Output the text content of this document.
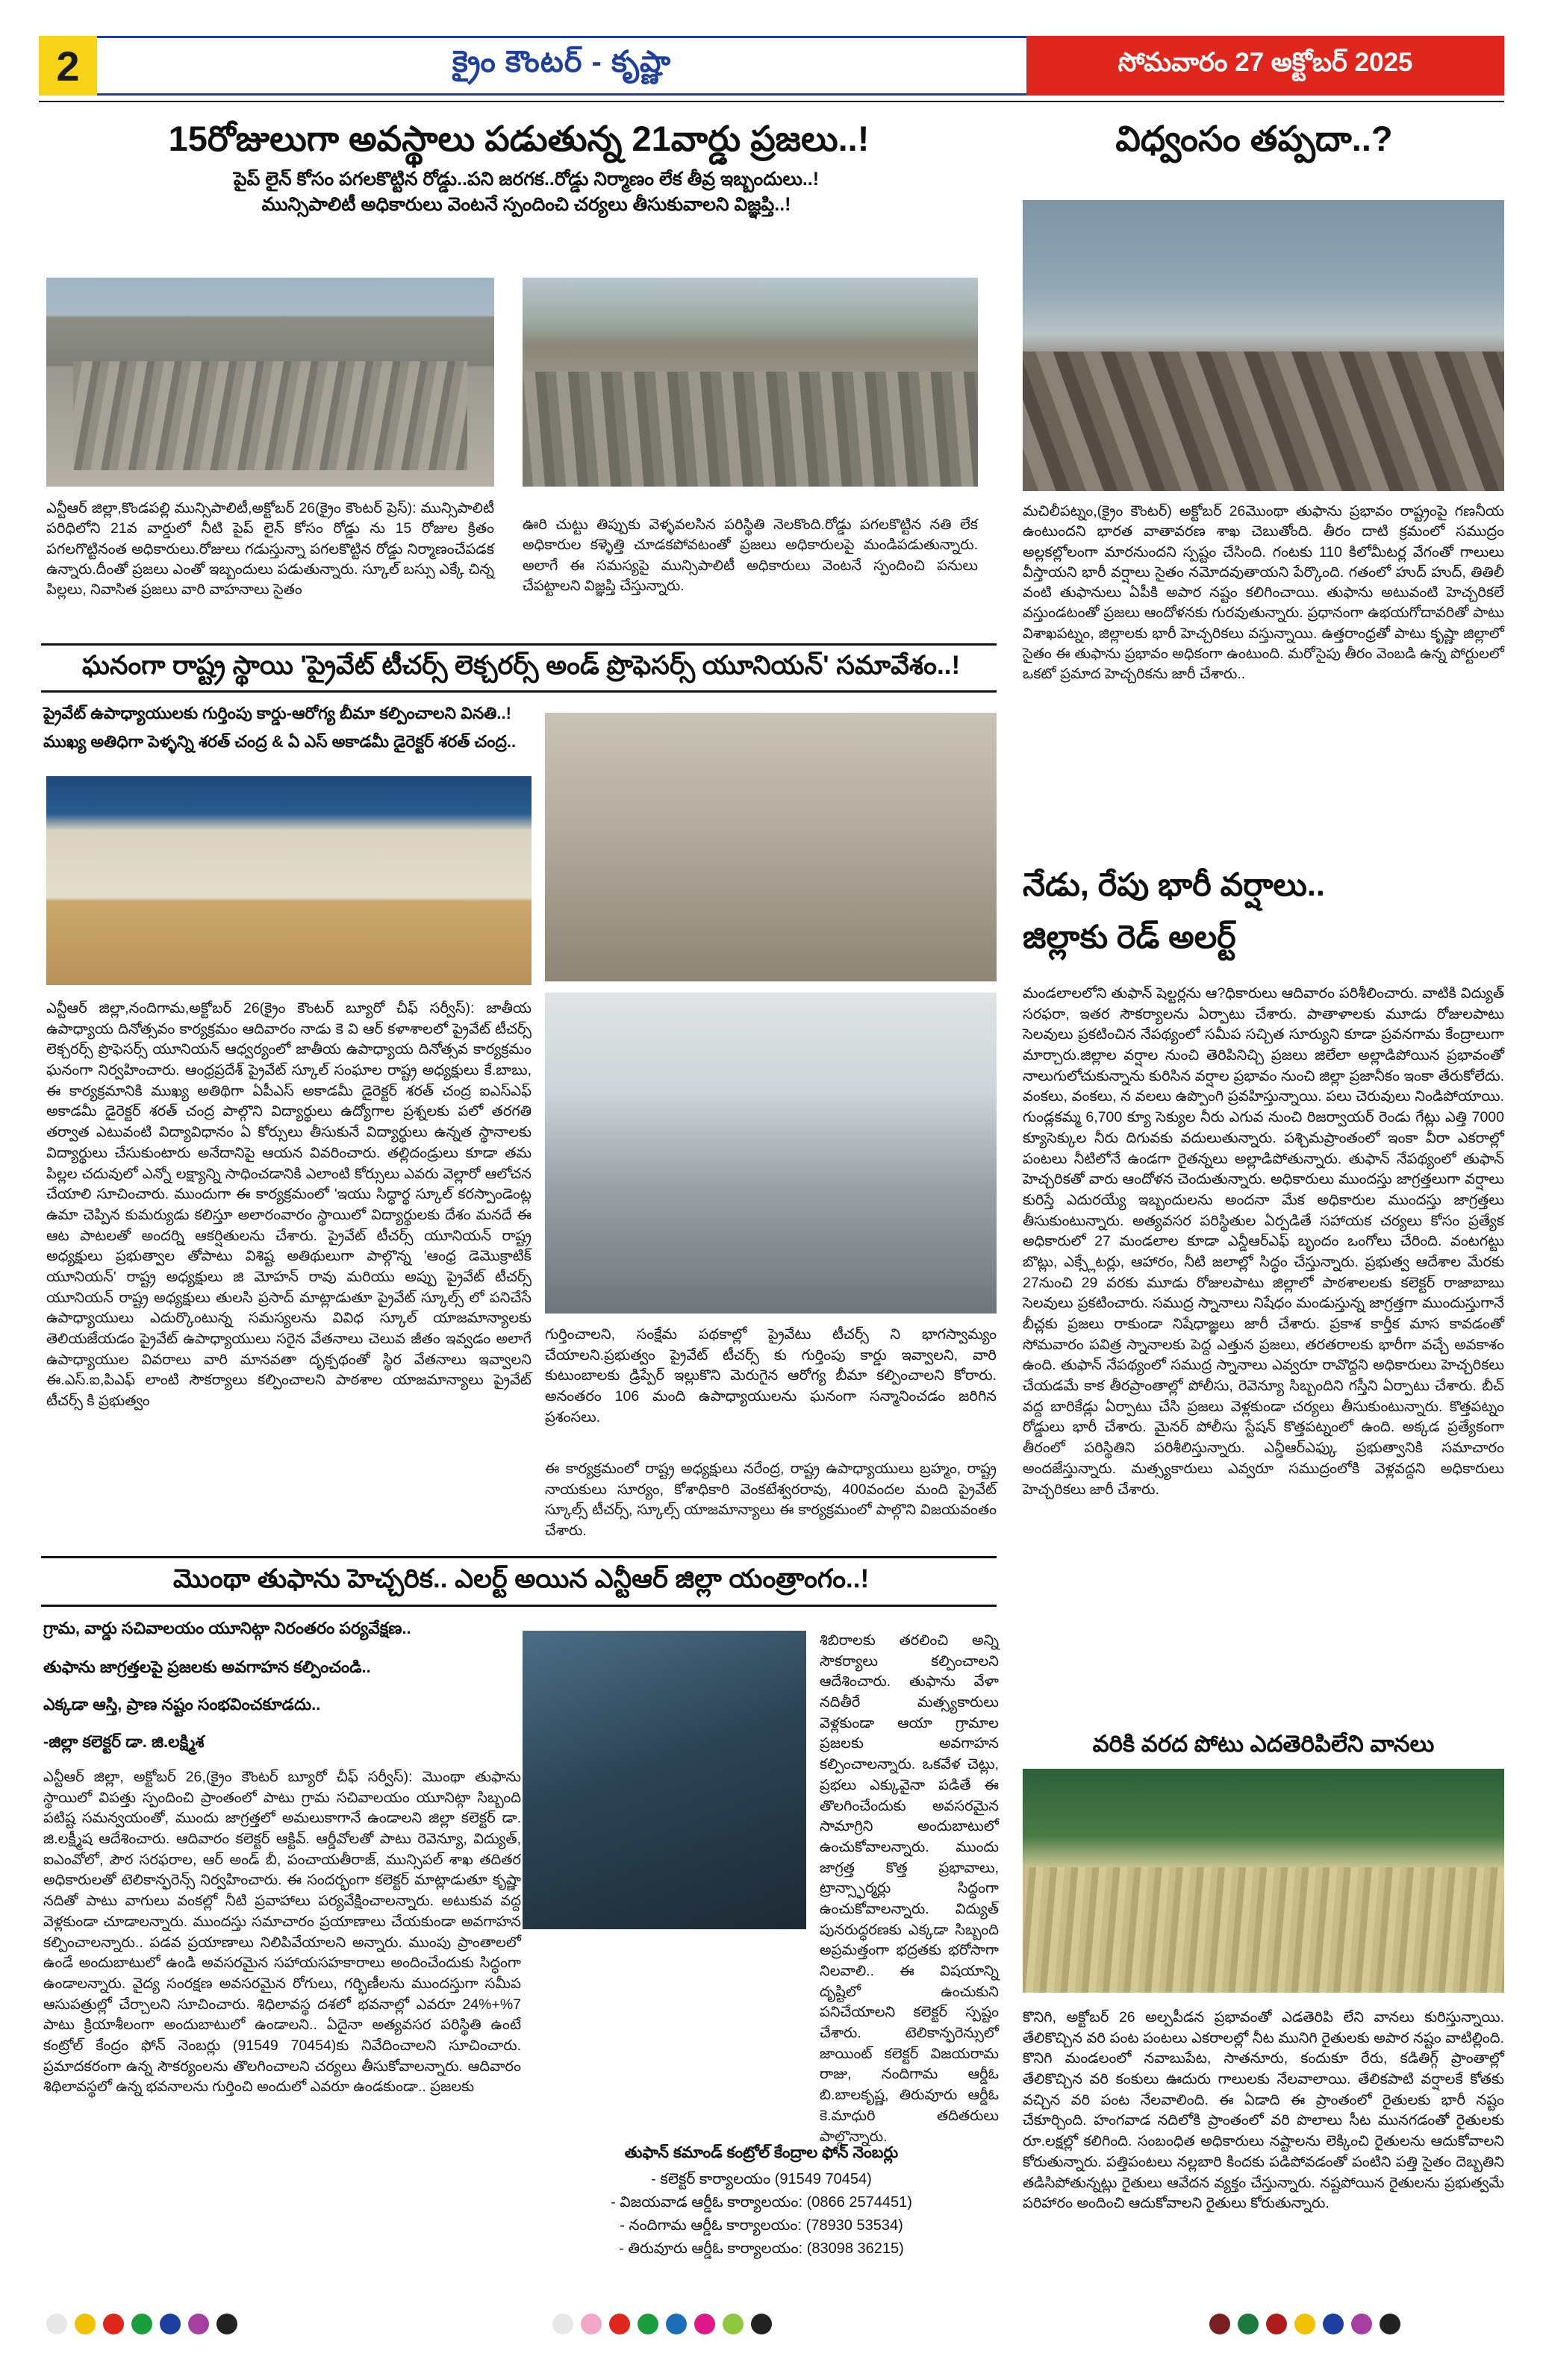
2	క్రైం కౌంటర్ - కృష్ణా	సోమవారం 27 అక్టోబర్ 2025
15రోజులుగా అవస్థాలు పడుతున్న 21వార్డు ప్రజలు..!	విధ్వంసం తప్పదా..?
పైప్ లైన్ కోసం పగలకొట్టిన రోడ్డు..పని జరగక..రోడ్డు నిర్మాణం లేక తీవ్ర ఇబ్బందులు..!
మున్సిపాలిటీ అధికారులు వెంటనే స్పందించి చర్యలు తీసుకువాలని విజ్ఞప్తి..!
ఎన్టీఆర్ జిల్లా,కొండపల్లి మున్సిపాలిటీ,అక్టోబర్ 26(క్రైం కౌంటర్ ప్రెస్): మున్సిపాలిటీ పరిధిలోని 21వ వార్డులో నీటి పైప్ లైన్ కోసం రోడ్డు ను 15 రోజుల క్రితం పగలగొట్టినంత అధికారులు.రోజులు గడుస్తున్నా పగలకొట్టిన రోడ్డు నిర్మాణంచేపడక ఉన్నారు.దీంతో ప్రజలు ఎంతో ఇబ్బందులు పడుతున్నారు. స్కూల్ బస్సు ఎక్కే చిన్న పిల్లలు, నివాసిత ప్రజలు వారి వాహనాలు సైతం
ఊరి చుట్టు తిప్పుకు వెళ్ళవలసిన పరిస్థితి నెలకొంది.రోడ్డు పగలకొట్టిన నతి లేక అధికారుల కళ్ళెత్తి చూడకపోవటంతో ప్రజలు అధికారులపై మండిపడుతున్నారు. అలాగే ఈ సమస్యపై మున్సిపాలిటీ అధికారులు వెంటనే స్పందించి పనులు చేపట్టాలని విజ్ఞప్తి చేస్తున్నారు.
మచిలీపట్నం,(క్రైం కౌంటర్) అక్టోబర్ 26మొంథా తుఫాను ప్రభావం రాష్ట్రంపై గణనీయ ఉంటుందని భారత వాతావరణ శాఖ చెబుతోంది. తీరం దాటి క్రమంలో సముద్రం అల్లకల్లోలంగా మారనుందని స్పష్టం చేసింది. గంటకు 110 కిలోమీటర్ల వేగంతో గాలులు వీస్తాయని భారీ వర్షాలు సైతం నమోదవుతాయని పేర్కొంది. గతంలో హుద్ హుద్, తితిలీ వంటి తుఫానులు ఏపీకి అపార నష్టం కలిగించాయి. తుఫాను అటువంటి హెచ్చరికలే వస్తుండటంతో ప్రజలు ఆందోళనకు గురవుతున్నారు. ప్రధానంగా ఉభయగోదావరితో పాటు విశాఖపట్నం, జిల్లాలకు భారీ హెచ్చరికలు వస్తున్నాయి. ఉత్తరాంధ్రతో పాటు కృష్ణా జిల్లాలో సైతం ఈ తుఫాను ప్రభావం అధికంగా ఉంటుంది. మరోసైపు తీరం వెంబడి ఉన్న పోర్టులలో ఒకటో ప్రమాద హెచ్చరికను జారీ చేశారు..
ఘనంగా రాష్ట్ర స్థాయి 'ప్రైవేట్ టీచర్స్ లెక్చరర్స్ అండ్ ప్రొఫెసర్స్ యూనియన్' సమావేశం..!
ప్రైవేట్ ఉపాధ్యాయులకు గుర్తింపు కార్డు-ఆరోగ్య బీమా కల్పించాలని వినతి..!
ముఖ్య అతిధిగా పెళ్ళన్ని శరత్ చంద్ర & ఏ ఎస్ అకాడమీ డైరెక్టర్ శరత్ చంద్ర..
ఎన్టీఆర్ జిల్లా,నందిగామ,అక్టోబర్ 26(క్రైం కౌంటర్ బ్యూరో చీఫ్ సర్వీస్): జాతీయ ఉపాధ్యాయ దినోత్సవం కార్యక్రమం ఆదివారం నాడు కె వి ఆర్ కళాశాలలో ప్రైవేట్ టీచర్స్ లెక్చరర్స్ ప్రొఫెసర్స్ యూనియన్ ఆధ్వర్యంలో జాతీయ ఉపాధ్యాయ దినోత్సవ కార్యక్రమం ఘనంగా నిర్వహించారు. ఆంధ్రప్రదేశ్ ప్రైవేట్ స్కూల్ సంఘాల రాష్ట్ర అధ్యక్షులు కే.బాబు, ఈ కార్యక్రమానికి ముఖ్య అతిథిగా ఏపీఎస్ అకాడమీ డైరెక్టర్ శరత్ చంద్ర ఐఎస్ఎఫ్ అకాడమీ డైరెక్టర్ శరత్ చంద్ర పాల్గొని విద్యార్థులు ఉద్యోగాల ప్రశ్నలకు పలో తరగతి తర్వాత ఎటువంటి విద్యావిధానం ఏ కోర్సులు తీసుకునే విద్యార్థులు ఉన్నత స్థానాలకు విద్యార్థులు చేసుకుంటారు అనేదానిపై ఆయన వివరించారు. తల్లిదండ్రులు కూడా తమ పిల్లల చదువులో ఎన్నో లక్ష్యాన్ని సాధించడానికి ఎలాంటి కోర్సులు ఎవరు వెల్లారో ఆలోచన చేయాలి సూచించారు. ముందుగా ఈ కార్యక్రమంలో 'ఇయు సిద్ధార్థ స్కూల్ కరస్పాండెంట్ల ఉమా చెప్పిన కుమర్యుడు కలిస్తూ అలారంవారం స్థాయిలో విద్యార్థులకు దేశం మనదే ఈ ఆట పాటలతో అందర్ని ఆకర్షితులను చేశారు. ప్రైవేట్ టీచర్స్ యూనియన్ రాష్ట్ర అధ్యక్షులు ప్రభుత్వాల తోపాటు విశిష్ట అతిథులుగా పాల్గొన్న 'ఆంధ్ర డెమొక్రాటిక్ యూనియన్' రాష్ట్ర అధ్యక్షులు జి మోహన్ రావు మరియు అప్పు ప్రైవేట్ టీచర్స్ యూనియన్ రాష్ట్ర అధ్యక్షులు తులసి ప్రసాద్ మాట్లాడుతూ ప్రైవేట్ స్కూల్స్ లో పనిచేసే ఉపాధ్యాయులు ఎదుర్కొంటున్న సమస్యలను వివిధ స్కూల్ యాజమాన్యాలకు తెలియజేయడం ప్రైవేట్ ఉపాధ్యాయులు సరైన వేతనాలు చెలువ జీతం ఇవ్వడం అలాగే ఉపాధ్యాయుల వివరాలు వారి మానవతా దృక్పథంతో స్థిర వేతనాలు ఇవ్వాలని ఈ.ఎస్.ఐ,పిఎఫ్ లాంటి సౌకర్యాలు కల్పించాలని పాఠశాల యాజమాన్యాలు ప్రైవేట్ టీచర్స్ కి ప్రభుత్వం
గుర్తించాలని, సంక్షేమ పథకాల్లో ప్రైవేటు టీచర్స్ ని భాగస్వామ్యం చేయాలని.ప్రభుత్వం ప్రైవేట్ టీచర్స్ కు గుర్తింపు కార్డు ఇవ్వాలని, వారి కుటుంబాలకు డ్రిప్పేర్ ఇల్లుకొని మెరుగైన ఆరోగ్య బీమా కల్పించాలని కోరారు. అనంతరం 106 మంది ఉపాధ్యాయులను ఘనంగా సన్మానించడం జరిగిన ప్రశంసలు.
ఈ కార్యక్రమంలో రాష్ట్ర అధ్యక్షులు నరేంద్ర, రాష్ట్ర ఉపాధ్యాయులు బ్రహ్మం, రాష్ట్ర నాయకులు సూర్యం, కోశాధికారి వెంకటేశ్వరరావు, 400వందల మంది ప్రైవేట్ స్కూల్స్ టీచర్స్, స్కూల్స్ యాజమాన్యాలు ఈ కార్యక్రమంలో పాల్గొని విజయవంతం చేశారు.
నేడు, రేపు భారీ వర్షాలు..
జిల్లాకు రెడ్ అలర్ట్
మండలాలలోని తుఫాన్ షెల్టర్లను ఆ?ధికారులు ఆదివారం పరిశీలించారు. వాటికి విద్యుత్ సరఫరా, ఇతర సౌకర్యాలను ఏర్పాటు చేశారు. పాతాళాలకు మూడు రోజులపాటు సెలవులు ప్రకటించిన నేపథ్యంలో సమీప సచ్చిత సూర్యుని కూడా ప్రవనగామ కేంద్రాలుగా మార్చారు.జిల్లాల వర్షాల నుంచి తెరిపినిచ్చి ప్రజలు జిలేలా అల్లాడిపోయిన ప్రభావంతో నాలుగులోచుకున్నాను కురిసిన వర్షాల ప్రభావం నుంచి జిల్లా ప్రజానీకం ఇంకా తేరుకోలేదు. వంకలు, వంకలు, న వలలు ఉప్పొంగి ప్రవహిస్తున్నాయి. పలు చెరువులు నిండిపోయాయి. గుండ్లకమ్మ 6,700 క్యూ సెక్యుల నీరు ఎగువ నుంచి రిజర్వాయర్ రెండు గేట్లు ఎత్తి 7000 క్యూసెక్కుల నీరు దిగువకు వదులుతున్నారు. పశ్చిమప్రాంతంలో ఇంకా వీరా ఎకరాల్లో పంటలు నీటిలోనే ఉండగా రైతన్నలు అల్లాడిపోతున్నారు. తుఫాన్ నేపథ్యంలో తుఫాన్ హెచ్చరికతో వారు ఆందోళన చెందుతున్నారు. అధికారులు ముందస్తు జాగ్రత్తలుగా వర్షాలు కురిస్తే ఎదురయ్యే ఇబ్బందులను అందనా మేక అధికారుల ముందస్తు జాగ్రత్తలు తీసుకుంటున్నారు. అత్యవసర పరిస్థితుల ఏర్పడితే సహాయక చర్యలు కోసం ప్రత్యేక అధికారులో 27 మండలాల కూడా ఎన్డీఆర్ఎఫ్ బృందం ఒంగోలు చేరింది. వంటగట్టు బొట్లు, ఎక్స్లేటర్లు, ఆహారం, నీటి జలాల్లో సిద్ధం చేస్తున్నారు. ప్రభుత్వ ఆదేశాల మేరకు 27నుంచి 29 వరకు మూడు రోజులపాటు జిల్లాలో పాఠశాలలకు కలెక్టర్ రాజాబాబు సెలవులు ప్రకటించారు. సముద్ర స్నానాలు నిషేధం మండుస్తున్న జాగ్రత్తగా ముందుస్తుగానే బీచ్లకు ప్రజలు రాకుండా నిషేధాజ్ఞలు జారీ చేశారు. ప్రకాశ కార్తీక మాస కావడంతో సోమవారం పవిత్ర స్నానాలకు పెద్ద ఎత్తున ప్రజలు, తరతరాలకు భారీగా వచ్చే అవకాశం ఉంది. తుఫాన్ నేపథ్యంలో సముద్ర స్నానాలు ఎవ్వరూ రావొద్దని అధికారులు హెచ్చరికలు చేయడమే కాక తీరప్రాంతాల్లో పోలీసు, రెవెన్యూ సిబ్బందిని గస్తీని ఏర్పాటు చేశారు. బీచ్ వద్ద బారికేడ్లు ఏర్పాటు చేసి ప్రజలు వెళ్లకుండా చర్యలు తీసుకుంటున్నారు. కొత్తపట్నం రోడ్డులు భారీ చేశారు. మైనర్ పోలీసు స్టేషన్ కొత్తపట్నంలో ఉంది. అక్కడ ప్రత్యేకంగా తీరంలో పరిస్థితిని పరిశీలిస్తున్నారు. ఎన్డీఆర్ఎఫ్కు ప్రభుత్వానికి సమాచారం అందజేస్తున్నారు. మత్స్యకారులు ఎవ్వరూ సముద్రంలోకి వెళ్లవద్దని అధికారులు హెచ్చరికలు జారీ చేశారు.
మొంథా తుఫాను హెచ్చరిక.. ఎలర్ట్ అయిన ఎన్టీఆర్ జిల్లా యంత్రాంగం..!
గ్రామ, వార్డు సచివాలయం యూనిట్గా నిరంతరం పర్యవేక్షణ..
తుఫాను జాగ్రత్తలపై ప్రజలకు అవగాహన కల్పించండి..
ఎక్కడా ఆస్తి, ప్రాణ నష్టం సంభవించకూడదు..
-జిల్లా కలెక్టర్ డా. జి.లక్ష్మిశ
ఎన్టీఆర్ జిల్లా, అక్టోబర్ 26,(క్రైం కౌంటర్ బ్యూరో చీఫ్ సర్వీస్): మొంథా తుఫాను స్థాయిలో విపత్తు స్పందించి ప్రాంతంలో పాటు గ్రామ సచివాలయం యూనిట్గా సిబ్బంది పటిష్ట సమన్వయంతో, ముందు జాగ్రత్తలో అమలుకాగానే ఉండాలని జిల్లా కలెక్టర్ డా. జి.లక్ష్మీష ఆదేశించారు. ఆదివారం కలెక్టర్ ఆక్టివ్. ఆర్డీవోలతో పాటు రెవెన్యూ, విద్యుత్, ఐఎంవోలో, పౌర సరఫరాల, ఆర్ అండ్ బీ, పంచాయతీరాజ్, మున్సిపల్ శాఖ తదితర అధికారులతో టెలికాన్ఫరెన్స్ నిర్వహించారు. ఈ సందర్భంగా కలెక్టర్ మాట్లాడుతూ కృష్ణా నదితో పాటు వాగులు వంకల్లో నీటి ప్రవాహాలు పర్యవేక్షించాలన్నారు. అటుకువ వద్ద వెళ్లకుండా చూడాలన్నారు. ముందస్తు సమాచారం ప్రయాణాలు చేయకుండా అవగాహన కల్పించాలన్నారు.. పడవ ప్రయాణాలు నిలిపివేయాలని అన్నారు. ముంపు ప్రాంతాలలో ఉండే అందుబాటులో ఉండి అవసరమైన సహాయసహకారాలు అందించేందుకు సిద్ధంగా ఉండాలన్నారు. వైద్య సంరక్షణ అవసరమైన రోగులు, గర్భిణీలను ముందస్తుగా సమీప ఆసుపత్రుల్లో చేర్చాలని సూచించారు. శిధిలావస్థ దశలో భవనాల్లో ఎవరూ 24%+%7 పాటు క్రియాశీలంగా అందుబాటులో ఉండాలని.. ఏదైనా అత్యవసర పరిస్థితి ఉంటే కంట్రోల్ కేంద్రం ఫోన్ నెంబర్లు (91549 70454)కు నివేదించాలని సూచించారు. ప్రమాదకరంగా ఉన్న సౌకర్యంలను తొలగించాలని చర్యలు తీసుకోవాలన్నారు. ఆదివారం శిథిలావస్థలో ఉన్న భవనాలను గుర్తించి అందులో ఎవరూ ఉండకుండా.. ప్రజలకు
శిబిరాలకు తరలించి అన్ని సౌకర్యాలు కల్పించాలని ఆదేశించారు. తుఫాను వేళా నదితీరే మత్స్యకారులు వెళ్లకుండా ఆయా గ్రామాల ప్రజలకు అవగాహన కల్పించాలన్నారు. ఒకవేళ చెట్లు, ప్రభలు ఎక్కువైనా పడితే ఈ తొలగించేందుకు అవసరమైన సామాగ్రిని అందుబాటులో ఉంచుకోవాలన్నారు. ముందు జాగ్రత్త కొత్త ప్రభావాలు, ట్రాన్స్ఫార్మర్లు సిద్ధంగా ఉంచుకోవాలన్నారు. విద్యుత్ పునరుద్ధరణకు ఎక్కడా సిబ్బంది అప్రమత్తంగా భద్రతకు భరోసాగా నిలవాలి.. ఈ విషయాన్ని దృష్టిలో ఉంచుకుని పనిచేయాలని కలెక్టర్ స్పష్టం చేశారు. టెలికాన్ఫరెన్సులో జాయింట్ కలెక్టర్ విజయరామ రాజు, నందిగామ ఆర్డీఓ బి.బాలకృష్ణ, తిరువూరు ఆర్డీఓ కె.మాధురి తదితరులు పాల్గొన్నారు.
తుఫాన్ కమాండ్ కంట్రోల్ కేంద్రాల ఫోన్ నెంబర్లు
- కలెక్టర్ కార్యాలయం (91549 70454)
- విజయవాడ ఆర్డీఓ కార్యాలయం: (0866 2574451)
- నందిగామ ఆర్డీఓ కార్యాలయం: (78930 53534)
- తిరువూరు ఆర్డీఓ కార్యాలయం: (83098 36215)
వరికి వరద పోటు ఎదతెరిపిలేని వానలు
కొనిగి, అక్టోబర్ 26 అల్పపీడన ప్రభావంతో ఎడతెరిపి లేని వానలు కురిస్తున్నాయి. తేలికొచ్చిన వరి పంట పంటలు ఎకరాలల్లో నీట మునిగి రైతులకు అపార నష్టం వాటిల్లింది. కొనిగి మండలంలో నవాబుపేట, సాతనూరు, కందుకూ రేరు, కడితిగ్గ్ ప్రాంతాల్లో తేలికొచ్చిన వరి కంకులు ఊదురు గాలులకు నేలవాలాయి. తేలికపాటి వర్షాలకే కోతకు వచ్చిన వరి పంట నేలవాలింది. ఈ ఏడాది ఈ ప్రాంతంలో రైతులకు భారీ నష్టం చేకూర్చింది. హంగవాడ నదిలోకి ప్రాంతంలో వరి పొలాలు సీట మునగడంతో రైతులకు రూ.లక్షల్లో కలిగింది. సంబంధిత అధికారులు నష్టాలను లెక్కించి రైతులను ఆదుకోవాలని కోరుతున్నారు. పత్తిపంటలు నల్లబారి కిందకు పడిపోవడంతో పంటిని పత్తి సైతం దెబ్బతిని తడిసిపోతున్నట్లు రైతులు ఆవేదన వ్యక్తం చేస్తున్నారు. నష్టపోయిన రైతులను ప్రభుత్వమే పరిహారం అందించి ఆదుకోవాలని రైతులు కోరుతున్నారు.
